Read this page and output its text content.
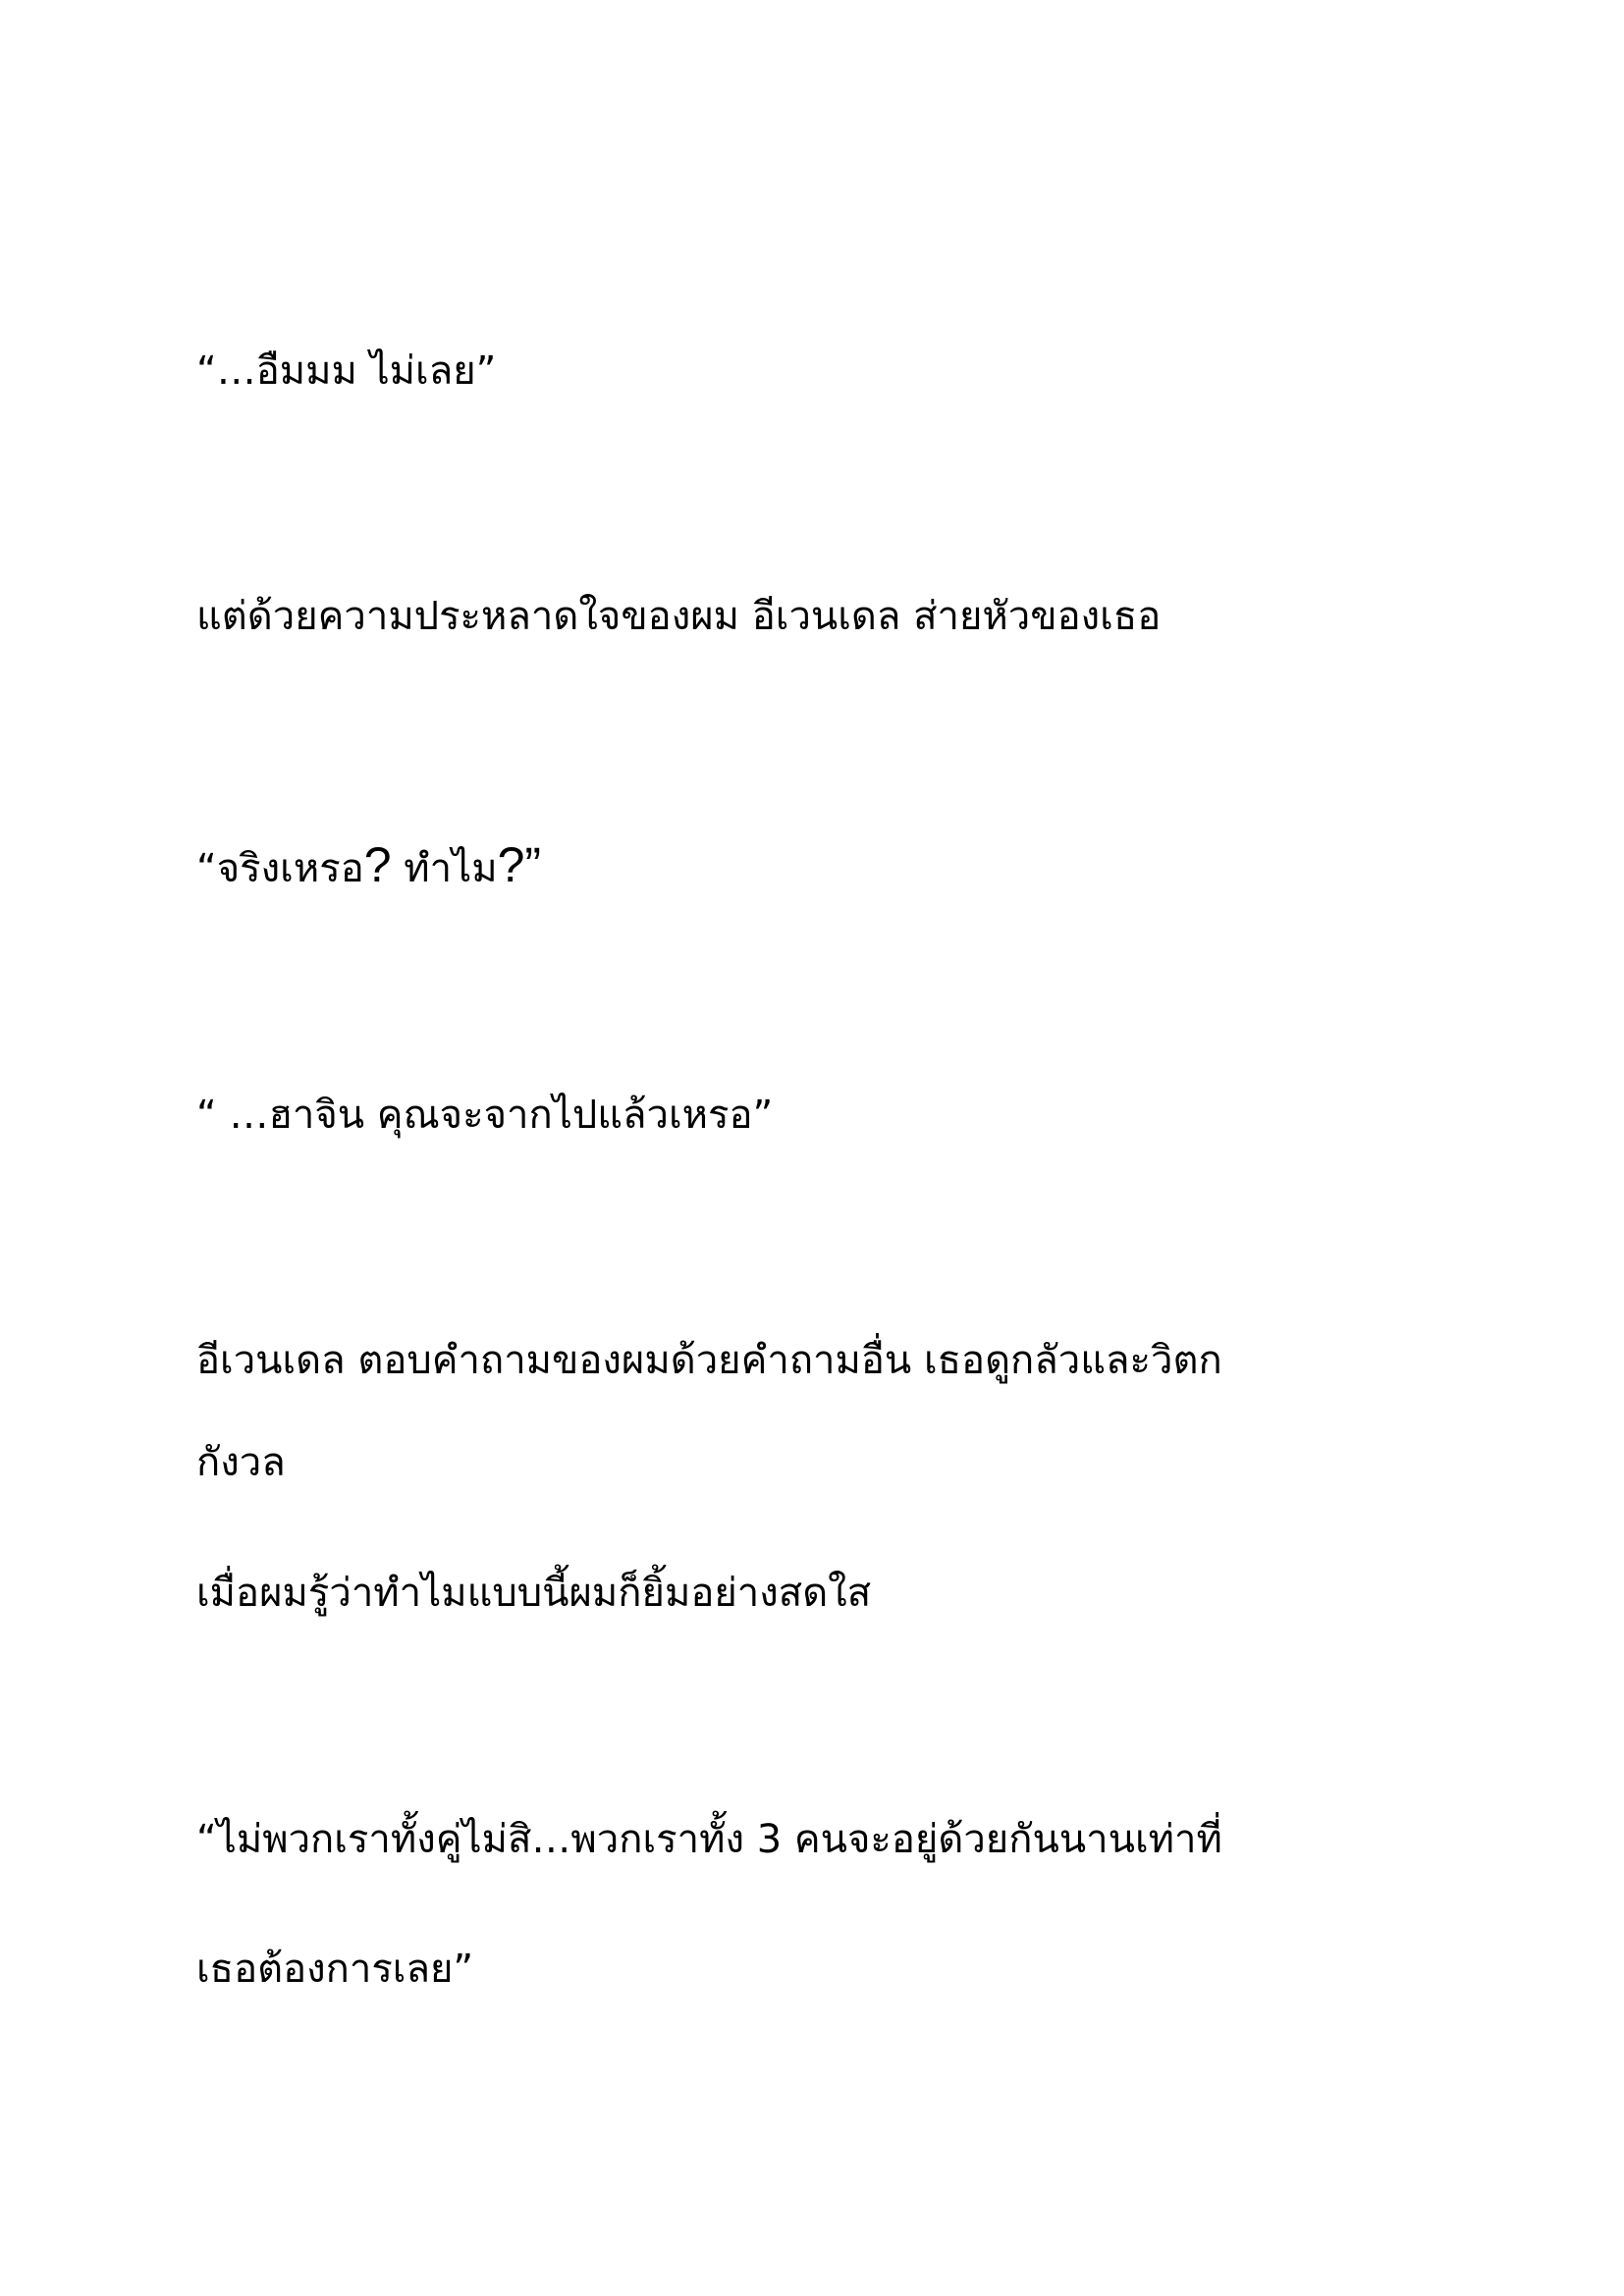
“…อืมมม ไม่เลย”

แต่ด้วยความประหลาดใจของผม อีเวนเดล ส่ายหัวของเธอ

“จริงเหรอ? ทำไม?”

“ …ฮาจิน คุณจะจากไปแล้วเหรอ”

อีเวนเดล ตอบคำถามของผมด้วยคำถามอื่น เธอดูกลัวและวิตก

กังวล

เมื่อผมรู้ว่าทำไมแบบนี้ผมก็ยิ้มอย่างสดใส

“ไม่พวกเราทั้งคู่ไม่สิ…พวกเราทั้ง 3 คนจะอยู่ด้วยกันนานเท่าที่

เธอต้องการเลย”
